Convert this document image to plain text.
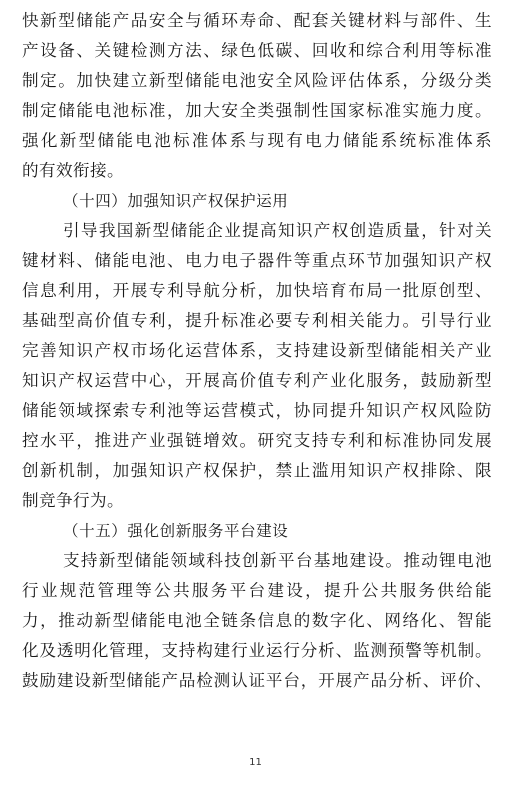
快新型储能产品安全与循环寿命、配套关键材料与部件、生
产设备、关键检测方法、绿色低碳、回收和综合利用等标准
制定。加快建立新型储能电池安全风险评估体系，分级分类
制定储能电池标准，加大安全类强制性国家标准实施力度。
强化新型储能电池标准体系与现有电力储能系统标准体系
的有效衔接。
（十四）加强知识产权保护运用
引导我国新型储能企业提高知识产权创造质量，针对关
键材料、储能电池、电力电子器件等重点环节加强知识产权
信息利用，开展专利导航分析，加快培育布局一批原创型、
基础型高价值专利，提升标准必要专利相关能力。引导行业
完善知识产权市场化运营体系，支持建设新型储能相关产业
知识产权运营中心，开展高价值专利产业化服务，鼓励新型
储能领域探索专利池等运营模式，协同提升知识产权风险防
控水平，推进产业强链增效。研究支持专利和标准协同发展
创新机制，加强知识产权保护，禁止滥用知识产权排除、限
制竞争行为。
（十五）强化创新服务平台建设
支持新型储能领域科技创新平台基地建设。推动锂电池
行业规范管理等公共服务平台建设，提升公共服务供给能
力，推动新型储能电池全链条信息的数字化、网络化、智能
化及透明化管理，支持构建行业运行分析、监测预警等机制。
鼓励建设新型储能产品检测认证平台，开展产品分析、评价、
11
